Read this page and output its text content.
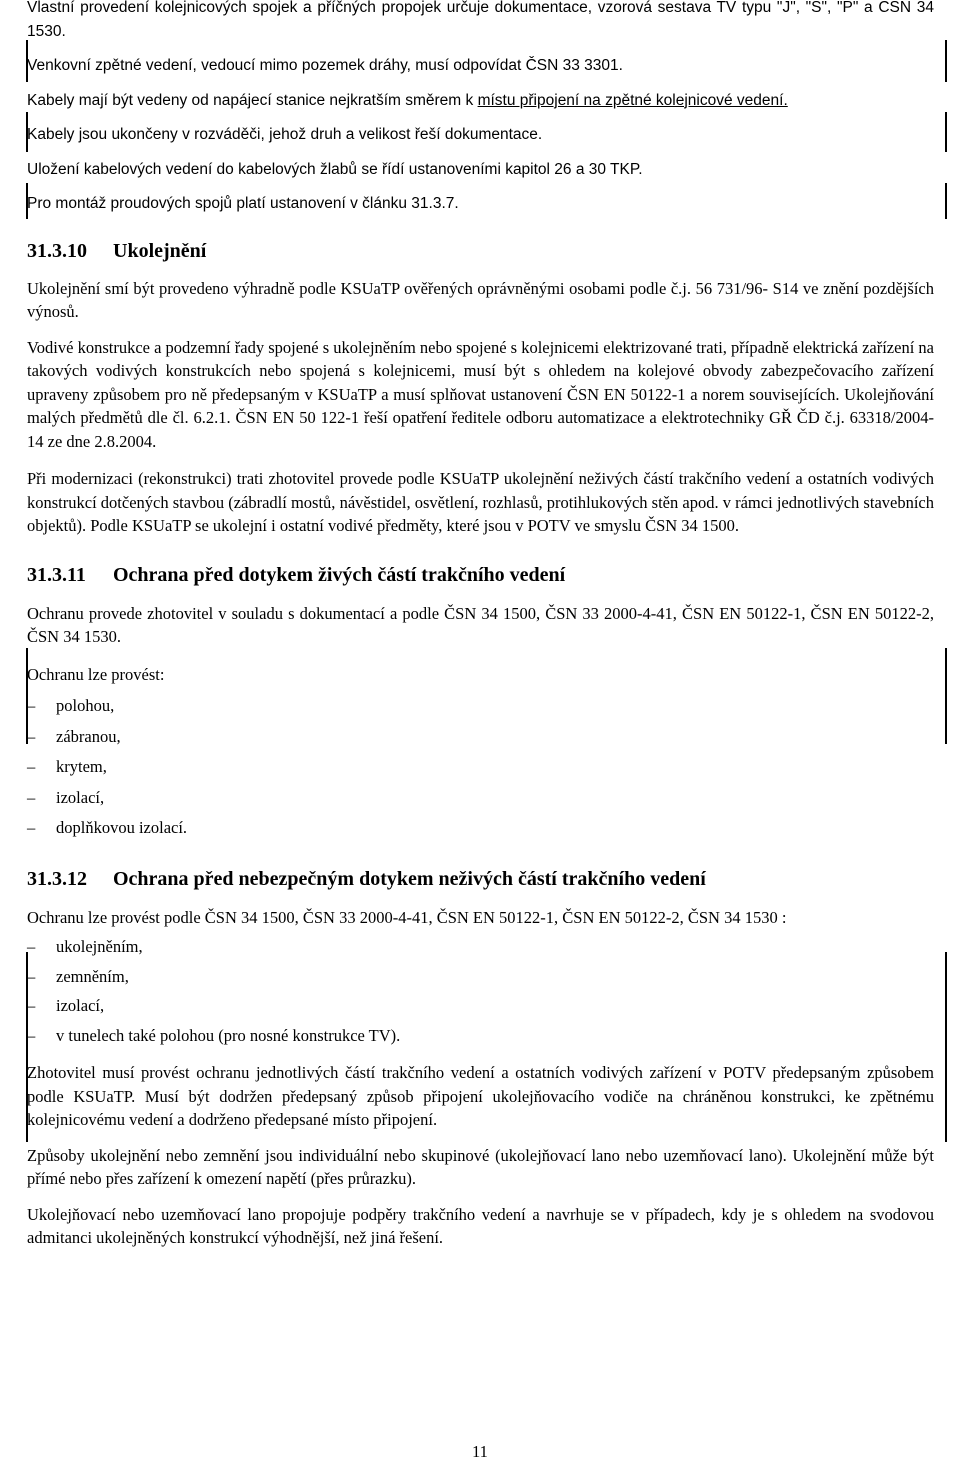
Vlastní provedení kolejnicových spojek a příčných propojek určuje dokumentace, vzorová sestava TV typu "J", "S", "P" a ČSN 34 1530.

Venkovní zpětné vedení, vedoucí mimo pozemek dráhy, musí odpovídat ČSN 33 3301.

Kabely mají být vedeny od napájecí stanice nejkratším směrem k místu připojení na zpětné kolejnicové vedení.

Kabely jsou ukončeny v rozváděči, jehož druh a velikost řeší dokumentace.

Uložení kabelových vedení do kabelových žlabů se řídí ustanoveními kapitol 26 a 30 TKP.

Pro montáž proudových spojů platí ustanovení v článku 31.3.7.

31.3.10 Ukolejnění

Ukolejnění smí být provedeno výhradně podle KSUaTP ověřených oprávněnými osobami podle č.j. 56 731/96- S14 ve znění pozdějších výnosů.

Vodivé konstrukce a podzemní řady spojené s ukolejněním nebo spojené s kolejnicemi elektrizované trati, případně elektrická zařízení na takových vodivých konstrukcích nebo spojená s kolejnicemi, musí být s ohledem na kolejové obvody zabezpečovacího zařízení upraveny způsobem pro ně předepsaným v KSUaTP a musí splňovat ustanovení ČSN EN 50122-1 a norem souvisejících. Ukolejňování malých předmětů dle čl. 6.2.1. ČSN EN 50 122-1 řeší opatření ředitele odboru automatizace a elektrotechniky GŘ ČD č.j. 63318/2004-14 ze dne 2.8.2004.

Při modernizaci (rekonstrukci) trati zhotovitel provede podle KSUaTP ukolejnění neživých částí trakčního vedení a ostatních vodivých konstrukcí dotčených stavbou (zábradlí mostů, návěstidel, osvětlení, rozhlasů, protihlukových stěn apod. v rámci jednotlivých stavebních objektů). Podle KSUaTP se ukolejní i ostatní vodivé předměty, které jsou v POTV ve smyslu ČSN 34 1500.

31.3.11 Ochrana před dotykem živých částí trakčního vedení

Ochranu provede zhotovitel v souladu s dokumentací a podle ČSN 34 1500, ČSN 33 2000-4-41, ČSN EN 50122-1, ČSN EN 50122-2, ČSN 34 1530.

Ochranu lze provést:

– polohou,
– zábranou,
– krytem,
– izolací,
– doplňkovou izolací.
31.3.12 Ochrana před nebezpečným dotykem neživých částí trakčního vedení

Ochranu lze provést podle ČSN 34 1500, ČSN 33 2000-4-41, ČSN EN 50122-1, ČSN EN 50122-2, ČSN 34 1530 :

– ukolejněním,
– zemněním,
– izolací,
– v tunelech také polohou (pro nosné konstrukce TV).

Zhotovitel musí provést ochranu jednotlivých částí trakčního vedení a ostatních vodivých zařízení v POTV předepsaným způsobem podle KSUaTP. Musí být dodržen předepsaný způsob připojení ukolejňovacího vodiče na chráněnou konstrukci, ke zpětnému kolejnicovému vedení a dodrženo předepsané místo připojení.

Způsoby ukolejnění nebo zemnění jsou individuální nebo skupinové (ukolejňovací lano nebo uzemňovací lano). Ukolejnění může být přímé nebo přes zařízení k omezení napětí (přes průrazku).

Ukolejňovací nebo uzemňovací lano propojuje podpěry trakčního vedení a navrhuje se v případech, kdy je s ohledem na svodovou admitanci ukolejněných konstrukcí výhodnější, než jiná řešení.

11
